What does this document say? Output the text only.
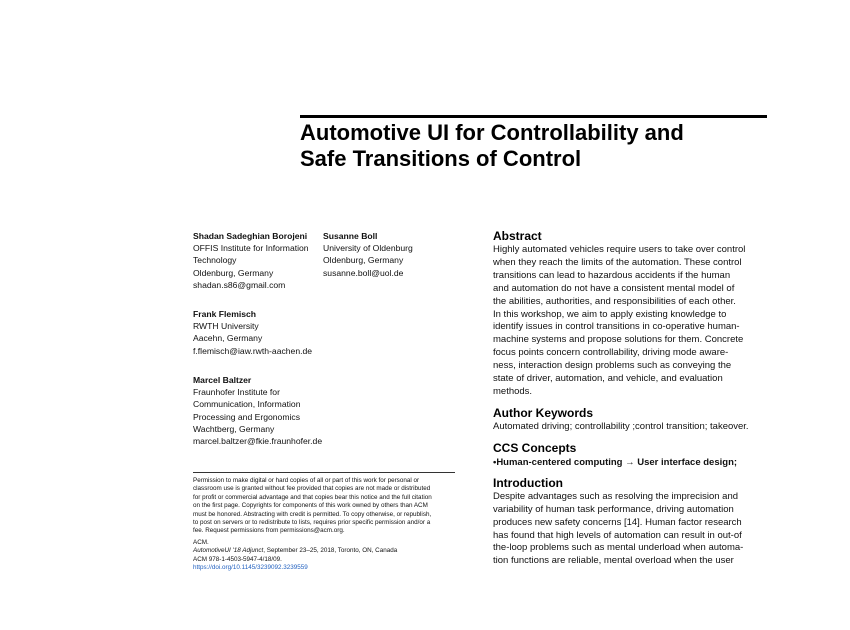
Automotive UI for Controllability and
Safe Transitions of Control
Shadan Sadeghian Borojeni
OFFIS Institute for Information
Technology
Oldenburg, Germany
shadan.s86@gmail.com
Susanne Boll
University of Oldenburg
Oldenburg, Germany
susanne.boll@uol.de
Frank Flemisch
RWTH University
Aacehn, Germany
f.flemisch@iaw.rwth-aachen.de
Marcel Baltzer
Fraunhofer Institute for
Communication, Information
Processing and Ergonomics
Wachtberg, Germany
marcel.baltzer@fkie.fraunhofer.de
Permission to make digital or hard copies of all or part of this work for personal or
classroom use is granted without fee provided that copies are not made or distributed
for profit or commercial advantage and that copies bear this notice and the full citation
on the first page. Copyrights for components of this work owned by others than ACM
must be honored. Abstracting with credit is permitted. To copy otherwise, or republish,
to post on servers or to redistribute to lists, requires prior specific permission and/or a
fee. Request permissions from permissions@acm.org.
ACM.
AutomotiveUI '18 Adjunct, September 23–25, 2018, Toronto, ON, Canada
ACM 978-1-4503-5947-4/18/09.
https://doi.org/10.1145/3239092.3239559
Abstract
Highly automated vehicles require users to take over control
when they reach the limits of the automation. These control
transitions can lead to hazardous accidents if the human
and automation do not have a consistent mental model of
the abilities, authorities, and responsibilities of each other.
In this workshop, we aim to apply existing knowledge to
identify issues in control transitions in co-operative human-
machine systems and propose solutions for them. Concrete
focus points concern controllability, driving mode aware-
ness, interaction design problems such as conveying the
state of driver, automation, and vehicle, and evaluation
methods.
Author Keywords
Automated driving; controllability ;control transition; takeover.
CCS Concepts
•Human-centered computing → User interface design;
Introduction
Despite advantages such as resolving the imprecision and
variability of human task performance, driving automation
produces new safety concerns [14]. Human factor research
has found that high levels of automation can result in out-of
the-loop problems such as mental underload when automa-
tion functions are reliable, mental overload when the user
